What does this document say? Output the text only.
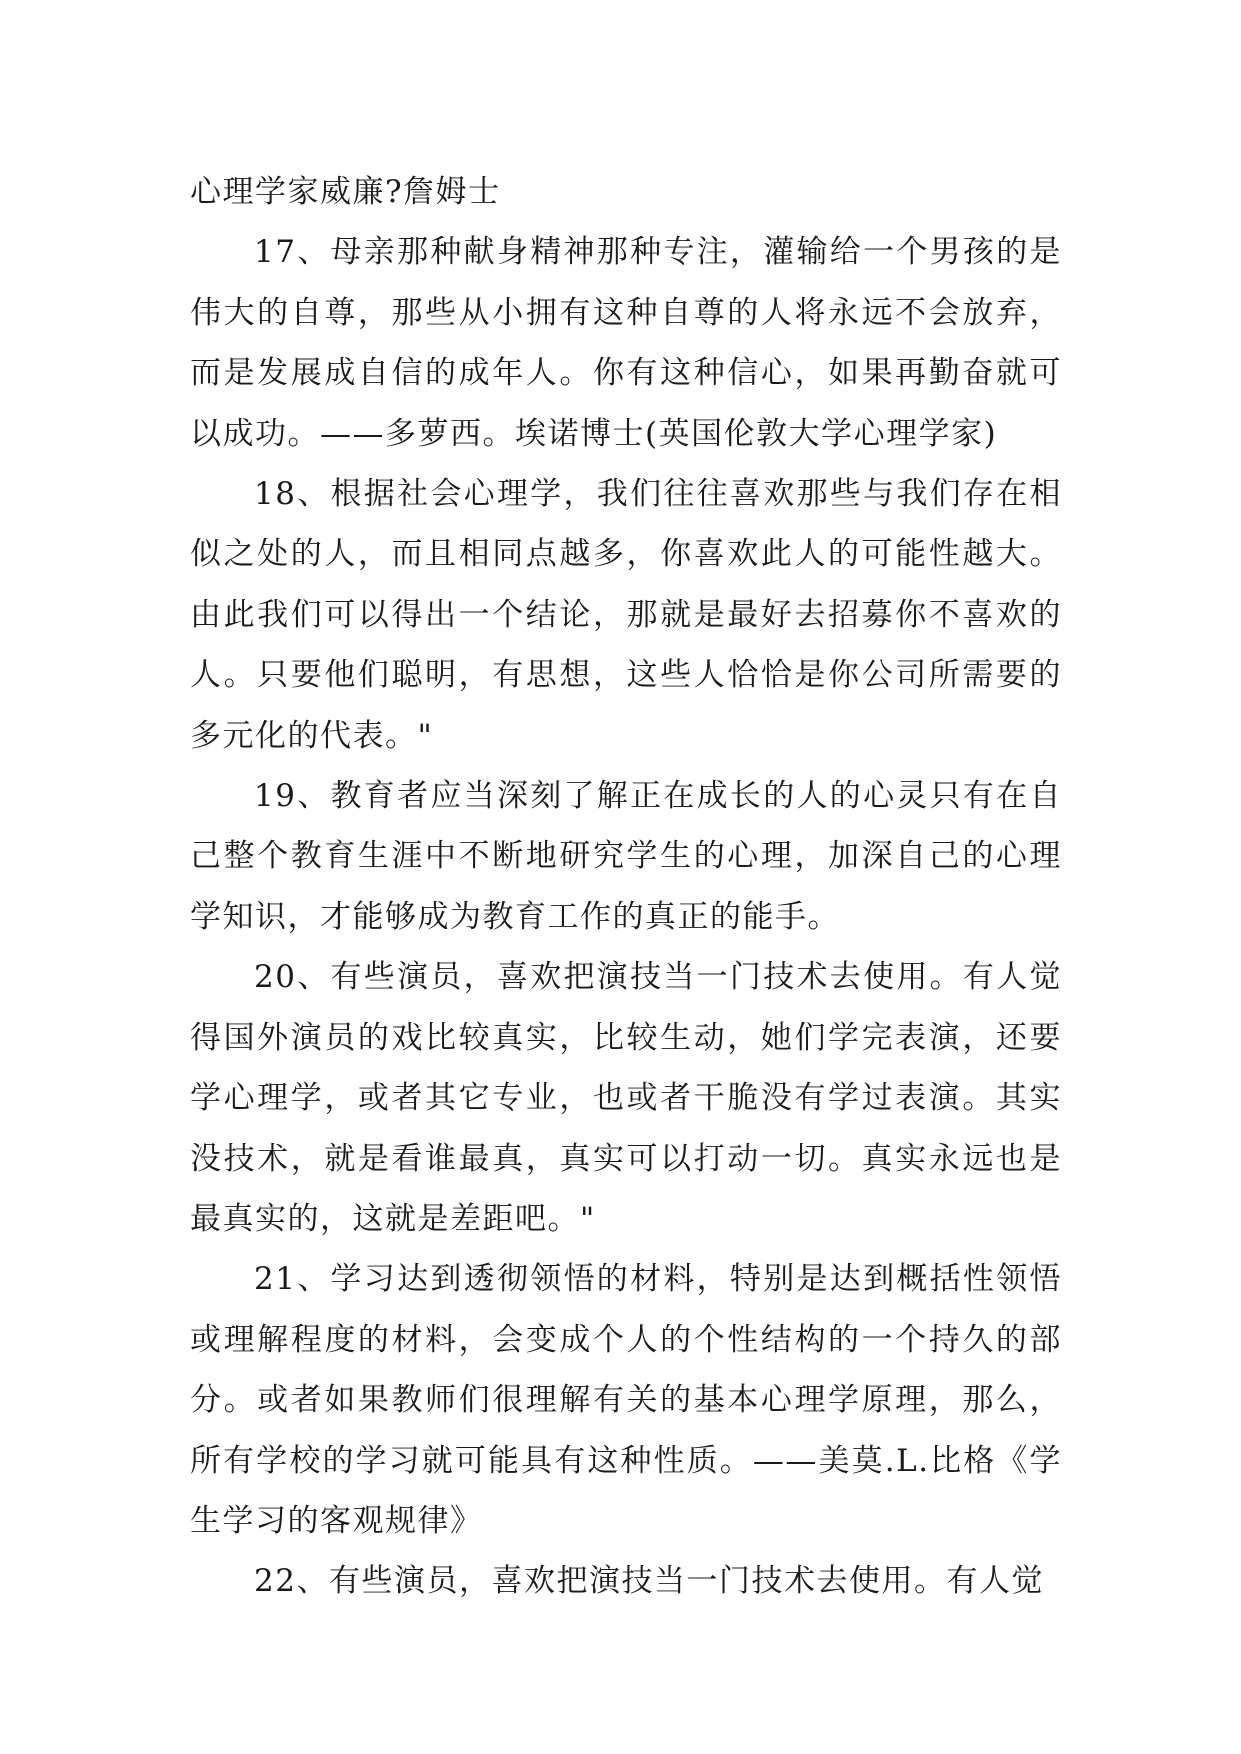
心理学家威廉?詹姆士

17、母亲那种献身精神那种专注，灌输给一个男孩的是伟大的自尊，那些从小拥有这种自尊的人将永远不会放弃，而是发展成自信的成年人。你有这种信心，如果再勤奋就可以成功。——多萝西。埃诺博士(英国伦敦大学心理学家)

18、根据社会心理学，我们往往喜欢那些与我们存在相似之处的人，而且相同点越多，你喜欢此人的可能性越大。由此我们可以得出一个结论，那就是最好去招募你不喜欢的人。只要他们聪明，有思想，这些人恰恰是你公司所需要的多元化的代表。"

19、教育者应当深刻了解正在成长的人的心灵只有在自己整个教育生涯中不断地研究学生的心理，加深自己的心理学知识，才能够成为教育工作的真正的能手。

20、有些演员，喜欢把演技当一门技术去使用。有人觉得国外演员的戏比较真实，比较生动，她们学完表演，还要学心理学，或者其它专业，也或者干脆没有学过表演。其实没技术，就是看谁最真，真实可以打动一切。真实永远也是最真实的，这就是差距吧。"

21、学习达到透彻领悟的材料，特别是达到概括性领悟或理解程度的材料，会变成个人的个性结构的一个持久的部分。或者如果教师们很理解有关的基本心理学原理，那么，所有学校的学习就可能具有这种性质。——美莫.L.比格《学生学习的客观规律》

22、有些演员，喜欢把演技当一门技术去使用。有人觉
